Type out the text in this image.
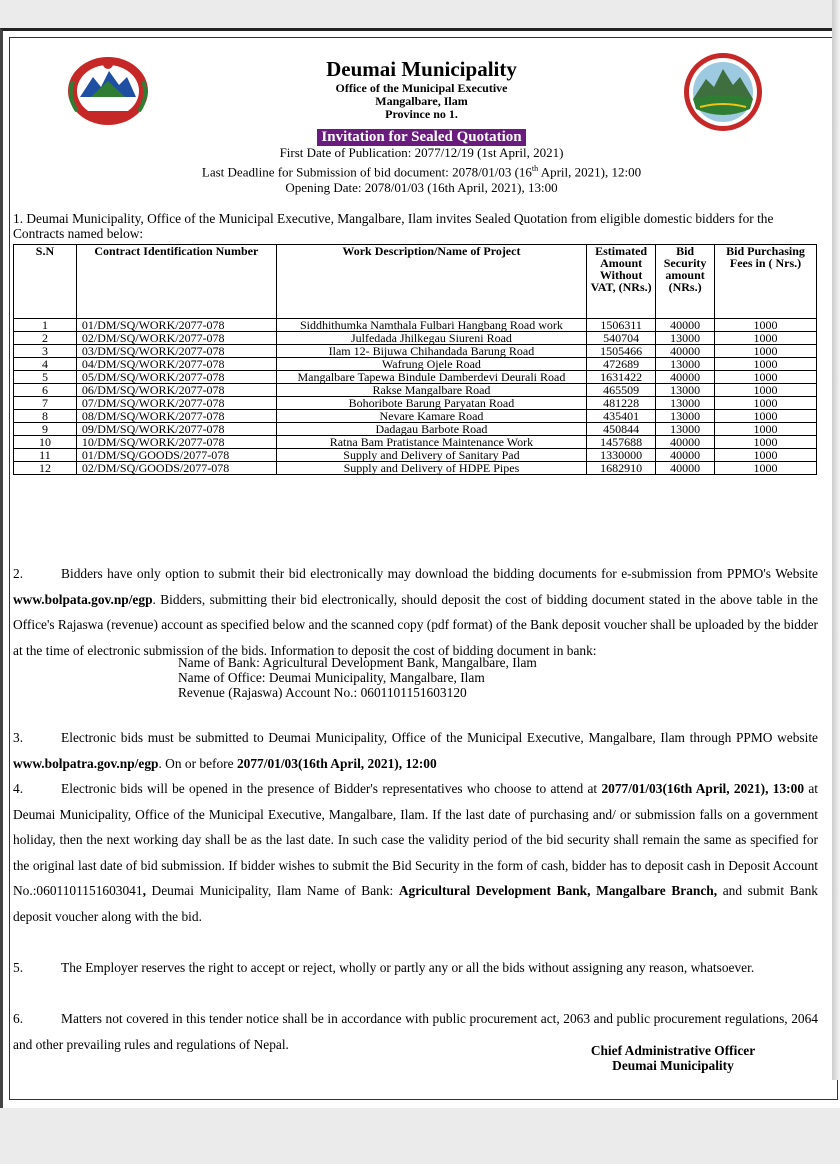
Deumai Municipality
Office of the Municipal Executive
Mangalbare, Ilam
Province no 1.
Invitation for Sealed Quotation
First Date of Publication: 2077/12/19 (1st April, 2021)
Last Deadline for Submission of bid document: 2078/01/03 (16th April, 2021), 12:00
Opening Date: 2078/01/03 (16th April, 2021), 13:00
1. Deumai Municipality, Office of the Municipal Executive, Mangalbare, Ilam invites Sealed Quotation from eligible domestic bidders for the Contracts named below:
S.N	Contract Identification Number	Work Description/Name of Project	Estimated Amount Without VAT, (NRs.)	Bid Security amount (NRs.)	Bid Purchasing Fees in ( Nrs.)
1	01/DM/SQ/WORK/2077-078	Siddhithumka Namthala Fulbari Hangbang Road work	1506311	40000	1000
2	02/DM/SQ/WORK/2077-078	Julfedada Jhilkegau Siureni Road	540704	13000	1000
3	03/DM/SQ/WORK/2077-078	Ilam 12- Bijuwa Chihandada Barung Road	1505466	40000	1000
4	04/DM/SQ/WORK/2077-078	Wafrung Ojele Road	472689	13000	1000
5	05/DM/SQ/WORK/2077-078	Mangalbare Tapewa Bindule Damberdevi Deurali Road	1631422	40000	1000
6	06/DM/SQ/WORK/2077-078	Rakse Mangalbare Road	465509	13000	1000
7	07/DM/SQ/WORK/2077-078	Bohoribote Barung Paryatan Road	481228	13000	1000
8	08/DM/SQ/WORK/2077-078	Nevare Kamare Road	435401	13000	1000
9	09/DM/SQ/WORK/2077-078	Dadagau Barbote Road	450844	13000	1000
10	10/DM/SQ/WORK/2077-078	Ratna Bam Pratistance Maintenance Work	1457688	40000	1000
11	01/DM/SQ/GOODS/2077-078	Supply and Delivery of Sanitary Pad	1330000	40000	1000
12	02/DM/SQ/GOODS/2077-078	Supply and Delivery of HDPE Pipes	1682910	40000	1000
2.	Bidders have only option to submit their bid electronically may download the bidding documents for e-submission from PPMO's Website www.bolpata.gov.np/egp. Bidders, submitting their bid electronically, should deposit the cost of bidding document stated in the above table in the Office's Rajaswa (revenue) account as specified below and the scanned copy (pdf format) of the Bank deposit voucher shall be uploaded by the bidder at the time of electronic submission of the bids. Information to deposit the cost of bidding document in bank:
Name of Bank: Agricultural Development Bank, Mangalbare, Ilam
Name of Office: Deumai Municipality, Mangalbare, Ilam
Revenue (Rajaswa) Account No.: 0601101151603120
3.	Electronic bids must be submitted to Deumai Municipality, Office of the Municipal Executive, Mangalbare, Ilam through PPMO website www.bolpatra.gov.np/egp. On or before 2077/01/03(16th April, 2021), 12:00
4.	Electronic bids will be opened in the presence of Bidder's representatives who choose to attend at 2077/01/03(16th April, 2021), 13:00 at Deumai Municipality, Office of the Municipal Executive, Mangalbare, Ilam. If the last date of purchasing and/ or submission falls on a government holiday, then the next working day shall be as the last date. In such case the validity period of the bid security shall remain the same as specified for the original last date of bid submission. If bidder wishes to submit the Bid Security in the form of cash, bidder has to deposit cash in Deposit Account No.:0601101151603041, Deumai Municipality, Ilam Name of Bank: Agricultural Development Bank, Mangalbare Branch, and submit Bank deposit voucher along with the bid.
5.	The Employer reserves the right to accept or reject, wholly or partly any or all the bids without assigning any reason, whatsoever.
6.	Matters not covered in this tender notice shall be in accordance with public procurement act, 2063 and public procurement regulations, 2064 and other prevailing rules and regulations of Nepal.	Chief Administrative Officer
Deumai Municipality
